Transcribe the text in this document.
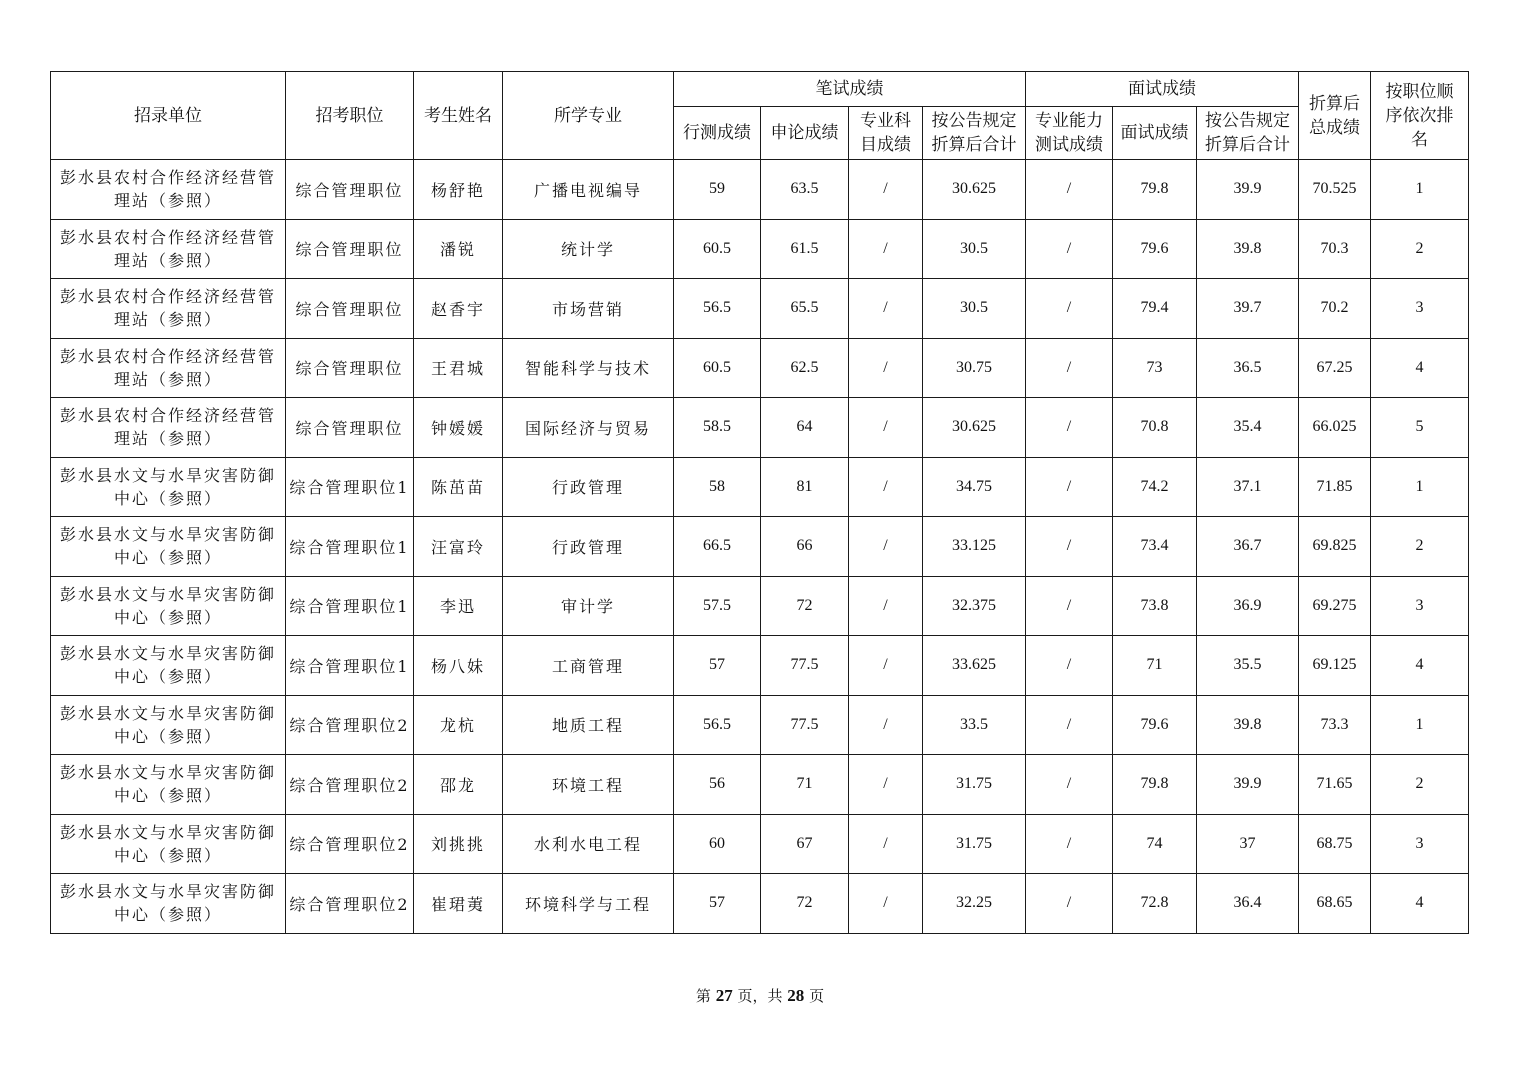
招录单位	招考职位	考生姓名	所学专业	笔试成绩				面试成绩			折算后总成绩	按职位顺序依次排名
				行测成绩	申论成绩	专业科目成绩	按公告规定折算后合计	专业能力测试成绩	面试成绩	按公告规定折算后合计		
彭水县农村合作经济经营管理站（参照）	综合管理职位	杨舒艳	广播电视编导	59	63.5	/	30.625	/	79.8	39.9	70.525	1
彭水县农村合作经济经营管理站（参照）	综合管理职位	潘锐	统计学	60.5	61.5	/	30.5	/	79.6	39.8	70.3	2
彭水县农村合作经济经营管理站（参照）	综合管理职位	赵香宇	市场营销	56.5	65.5	/	30.5	/	79.4	39.7	70.2	3
彭水县农村合作经济经营管理站（参照）	综合管理职位	王君城	智能科学与技术	60.5	62.5	/	30.75	/	73	36.5	67.25	4
彭水县农村合作经济经营管理站（参照）	综合管理职位	钟媛媛	国际经济与贸易	58.5	64	/	30.625	/	70.8	35.4	66.025	5
彭水县水文与水旱灾害防御中心（参照）	综合管理职位1	陈茁苗	行政管理	58	81	/	34.75	/	74.2	37.1	71.85	1
彭水县水文与水旱灾害防御中心（参照）	综合管理职位1	汪富玲	行政管理	66.5	66	/	33.125	/	73.4	36.7	69.825	2
彭水县水文与水旱灾害防御中心（参照）	综合管理职位1	李迅	审计学	57.5	72	/	32.375	/	73.8	36.9	69.275	3
彭水县水文与水旱灾害防御中心（参照）	综合管理职位1	杨八妹	工商管理	57	77.5	/	33.625	/	71	35.5	69.125	4
彭水县水文与水旱灾害防御中心（参照）	综合管理职位2	龙杭	地质工程	56.5	77.5	/	33.5	/	79.6	39.8	73.3	1
彭水县水文与水旱灾害防御中心（参照）	综合管理职位2	邵龙	环境工程	56	71	/	31.75	/	79.8	39.9	71.65	2
彭水县水文与水旱灾害防御中心（参照）	综合管理职位2	刘挑挑	水利水电工程	60	67	/	31.75	/	74	37	68.75	3
彭水县水文与水旱灾害防御中心（参照）	综合管理职位2	崔珺荑	环境科学与工程	57	72	/	32.25	/	72.8	36.4	68.65	4
第 27 页，共 28 页
